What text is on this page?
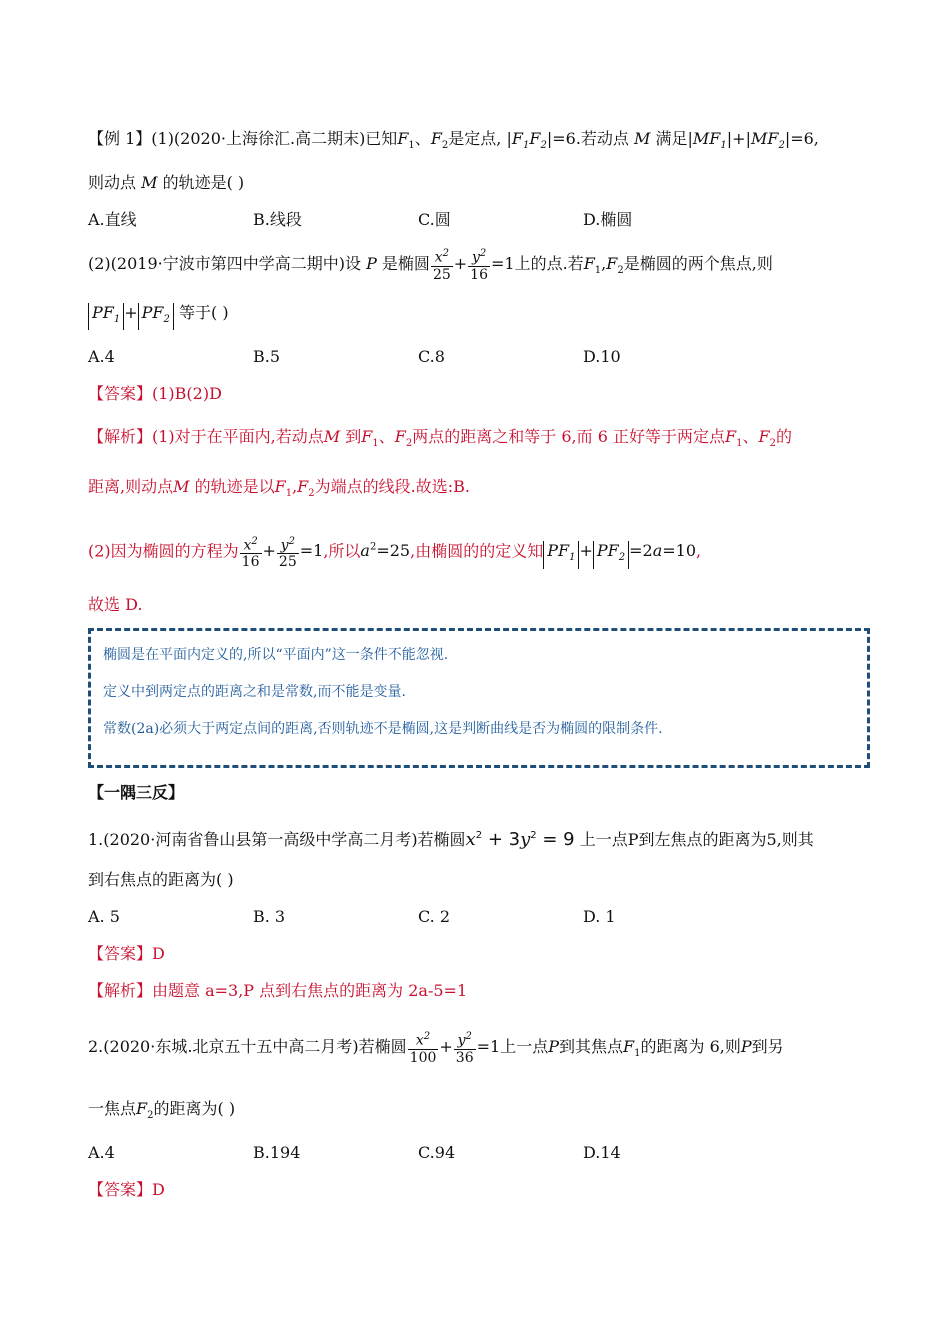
【例 1】(1)(2020·上海徐汇.高二期末)已知$F_1$、$F_2$是定点, $|F_1F_2|=6$.若动点 M 满足$|MF_1|+|MF_2|=6$,
则动点 M 的轨迹是( )
A.直线	B.线段	C.圆	D.椭圆
(2)(2019·宁波市第四中学高二期中)设 P 是椭圆 $\frac{x^2}{25} + \frac{y^2}{16} =1$上的点.若$F_1,F_2$是椭圆的两个焦点,则
$PF_1 + PF_2$ 等于( )
A.4	B.5	C.8	D.10
【答案】(1)B(2)D
【解析】(1)对于在平面内,若动点M 到$F_1$、$F_2$两点的距离之和等于 6,而 6 正好等于两定点$F_1$、$F_2$的
距离,则动点M 的轨迹是以$F_1,F_2$为端点的线段.故选:B.
(2)因为椭圆的方程为 $\frac{x^2}{16} + \frac{y^2}{25} =1$,所以$a^2=25$,由椭圆的的定义知 $PF_1 + PF_2 =2a=10$,
故选 D.
椭圆是在平面内定义的,所以“平面内”这一条件不能忽视.
定义中到两定点的距离之和是常数,而不能是变量.
常数(2a)必须大于两定点间的距离,否则轨迹不是椭圆,这是判断曲线是否为椭圆的限制条件.
【一隅三反】
1.(2020·河南省鲁山县第一高级中学高二月考)若椭圆$x^2 + 3y^2 = 9$ 上一点P到左焦点的距离为5,则其
到右焦点的距离为( )
A. 5	B. 3	C. 2	D. 1
【答案】D
【解析】由题意 a=3,P 点到右焦点的距离为 2a-5=1
2.(2020·东城.北京五十五中高二月考)若椭圆 $\frac{x^2}{100} + \frac{y^2}{36} =1$上一点P到其焦点$F_1$的距离为 6,则P到另
一焦点$F_2$的距离为( )
A.4	B.194	C.94	D.14
【答案】D
